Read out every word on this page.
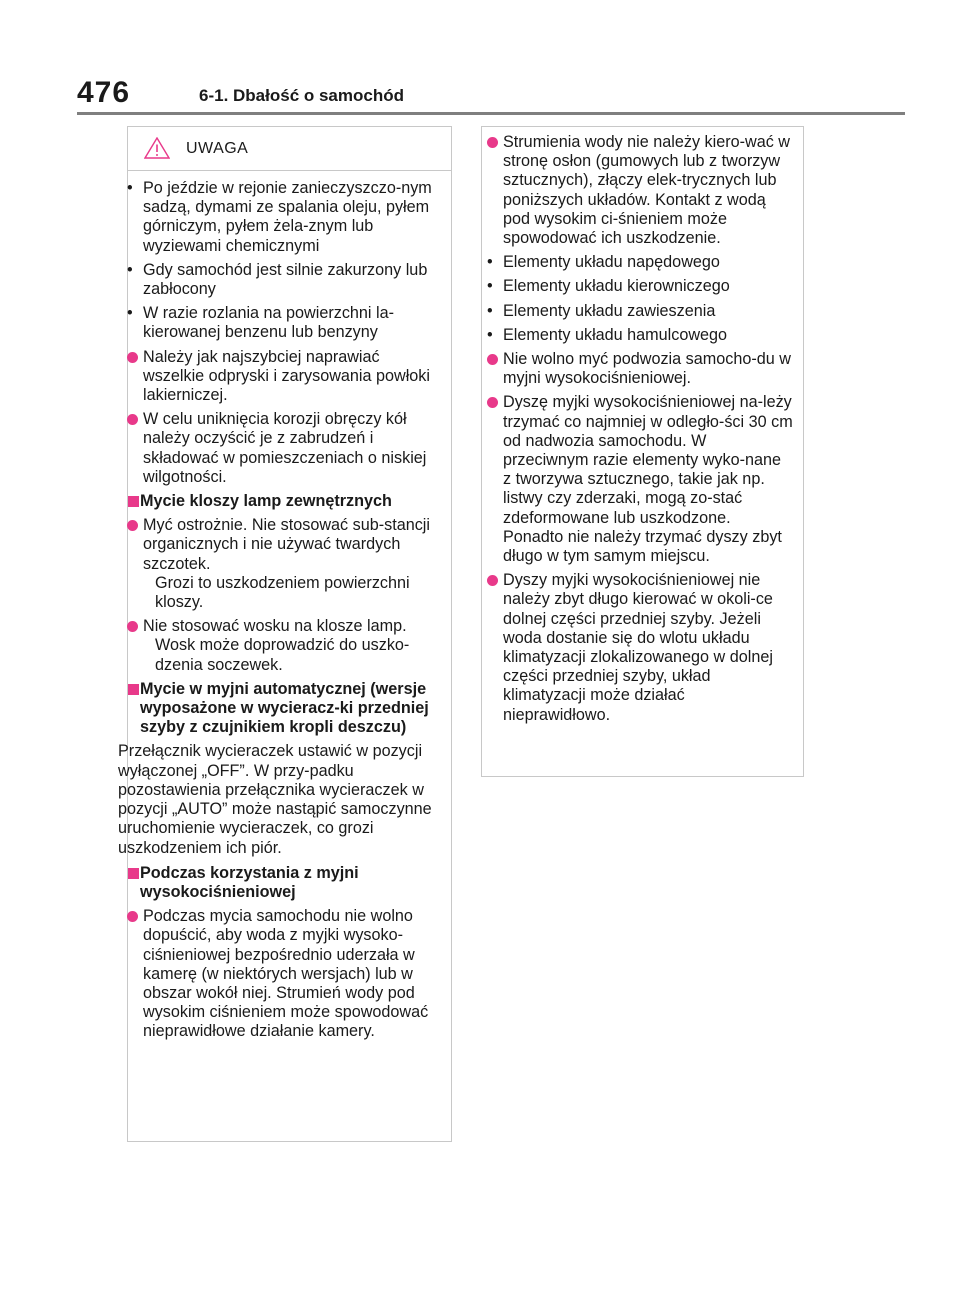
476	6-1. Dbałość o samochód
UWAGA
• Po jeździe w rejonie zanieczyszczo-nym sadzą, dymami ze spalania oleju, pyłem górniczym, pyłem żela-znym lub wyziewami chemicznymi
• Gdy samochód jest silnie zakurzony lub zabłocony
• W razie rozlania na powierzchni la-kierowanej benzenu lub benzyny
Należy jak najszybciej naprawiać wszelkie odpryski i zarysowania powłoki lakierniczej.
W celu uniknięcia korozji obręczy kół należy oczyścić je z zabrudzeń i składować w pomieszczeniach o niskiej wilgotności.
Mycie kloszy lamp zewnętrznych
Myć ostrożnie. Nie stosować sub-stancji organicznych i nie używać twardych szczotek.
Grozi to uszkodzeniem powierzchni kloszy.
Nie stosować wosku na klosze lamp.
Wosk może doprowadzić do uszko-dzenia soczewek.
Mycie w myjni automatycznej (wersje wyposażone w wycieracz-ki przedniej szyby z czujnikiem kropli deszczu)
Przełącznik wycieraczek ustawić w pozycji wyłączonej „OFF”. W przy-padku pozostawienia przełącznika wycieraczek w pozycji „AUTO” może nastąpić samoczynne uruchomienie wycieraczek, co grozi uszkodzeniem ich piór.
Podczas korzystania z myjni wysokociśnieniowej
Podczas mycia samochodu nie wolno dopuścić, aby woda z myjki wysoko-ciśnieniowej bezpośrednio uderzała w kamerę (w niektórych wersjach) lub w obszar wokół niej. Strumień wody pod wysokim ciśnieniem może spowodować nieprawidłowe działanie kamery.
Strumienia wody nie należy kiero-wać w stronę osłon (gumowych lub z tworzyw sztucznych), złączy elek-trycznych lub poniższych układów. Kontakt z wodą pod wysokim ci-śnieniem może spowodować ich uszkodzenie.
• Elementy układu napędowego
• Elementy układu kierowniczego
• Elementy układu zawieszenia
• Elementy układu hamulcowego
Nie wolno myć podwozia samocho-du w myjni wysokociśnieniowej.
Dyszę myjki wysokociśnieniowej na-leży trzymać co najmniej w odległo-ści 30 cm od nadwozia samochodu. W przeciwnym razie elementy wyko-nane z tworzywa sztucznego, takie jak np. listwy czy zderzaki, mogą zo-stać zdeformowane lub uszkodzone. Ponadto nie należy trzymać dyszy zbyt długo w tym samym miejscu.
Dyszy myjki wysokociśnieniowej nie należy zbyt długo kierować w okoli-ce dolnej części przedniej szyby. Jeżeli woda dostanie się do wlotu układu klimatyzacji zlokalizowanego w dolnej części przedniej szyby, układ klimatyzacji może działać nieprawidłowo.
